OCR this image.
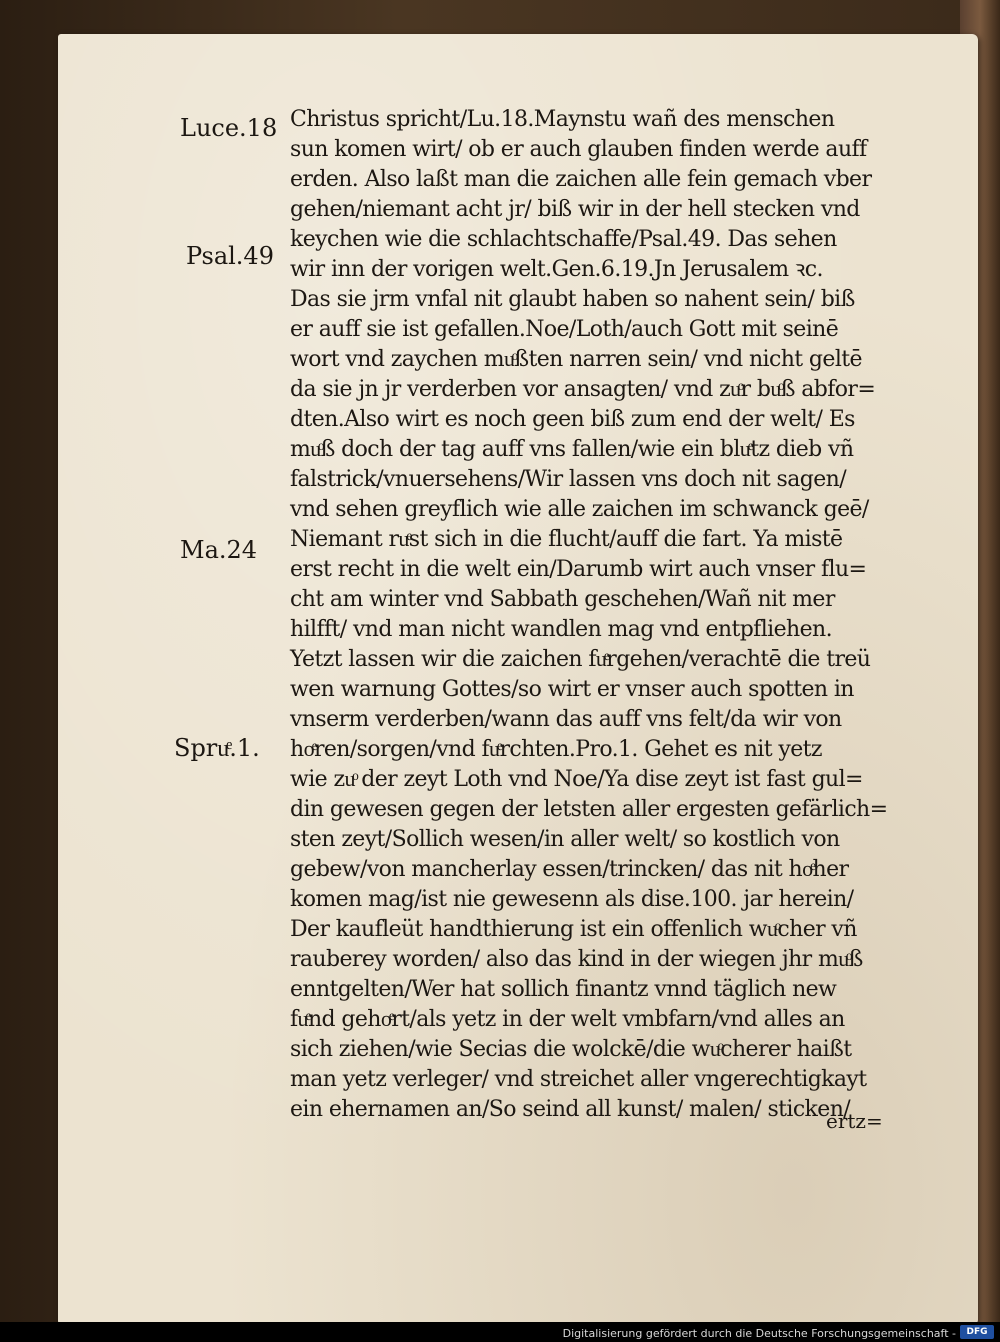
Luce.18
Psal.49
Ma.24
Spruͤ.1.
Christus spricht/Lu.18.Maynstu wañ des menschen
sun komen wirt/ ob er auch glauben finden werde auff
erden. Also laßt man die zaichen alle fein gemach vber
gehen/niemant acht jr/ biß wir in der hell stecken vnd
keychen wie die schlachtschaffe/Psal.49. Das sehen
wir inn der vorigen welt.Gen.6.19.Jn Jerusalem ꝛc.
Das sie jrm vnfal nit glaubt haben so nahent sein/ biß
er auff sie ist gefallen.Noe/Loth/auch Gott mit seinē
wort vnd zaychen muͦßten narren sein/ vnd nicht geltē
da sie jn jr verderben vor ansagten/ vnd zuͦr buͦß abfor=
dten.Also wirt es noch geen biß zum end der welt/ Es
muͦß doch der tag auff vns fallen/wie ein bluͤtz dieb vñ
falstrick/vnuersehens/Wir lassen vns doch nit sagen/
vnd sehen greyflich wie alle zaichen im schwanck geē/
Niemant ruͤst sich in die flucht/auff die fart. Ya mistē
erst recht in die welt ein/Darumb wirt auch vnser flu=
cht am winter vnd Sabbath geschehen/Wañ nit mer
hilfft/ vnd man nicht wandlen mag vnd entpfliehen.
Yetzt lassen wir die zaichen fuͤrgehen/verachtē die treü
wen warnung Gottes/so wirt er vnser auch spotten in
vnserm verderben/wann das auff vns felt/da wir von
hoͤren/sorgen/vnd fuͤrchten.Pro.1. Gehet es nit yetz
wie zuͦ der zeyt Loth vnd Noe/Ya dise zeyt ist fast gul=
din gewesen gegen der letsten aller ergesten gefärlich=
sten zeyt/Sollich wesen/in aller welt/ so kostlich von
gebew/von mancherlay essen/trincken/ das nit hoͤher
komen mag/ist nie gewesenn als dise.100. jar herein/
Der kaufleüt handthierung ist ein offenlich wuͦcher vñ
rauberey worden/ also das kind in der wiegen jhr muͦß
enntgelten/Wer hat sollich finantz vnnd täglich new
fuͤnd gehoͤrt/als yetz in der welt vmbfarn/vnd alles an
sich ziehen/wie Secias die wolckē/die wuͦcherer haißt
man yetz verleger/ vnd streichet aller vngerechtigkayt
ein ehernamen an/So seind all kunst/ malen/ sticken/
ertz=
Digitalisierung gefördert durch die Deutsche Forschungsgemeinschaft -	DFG
